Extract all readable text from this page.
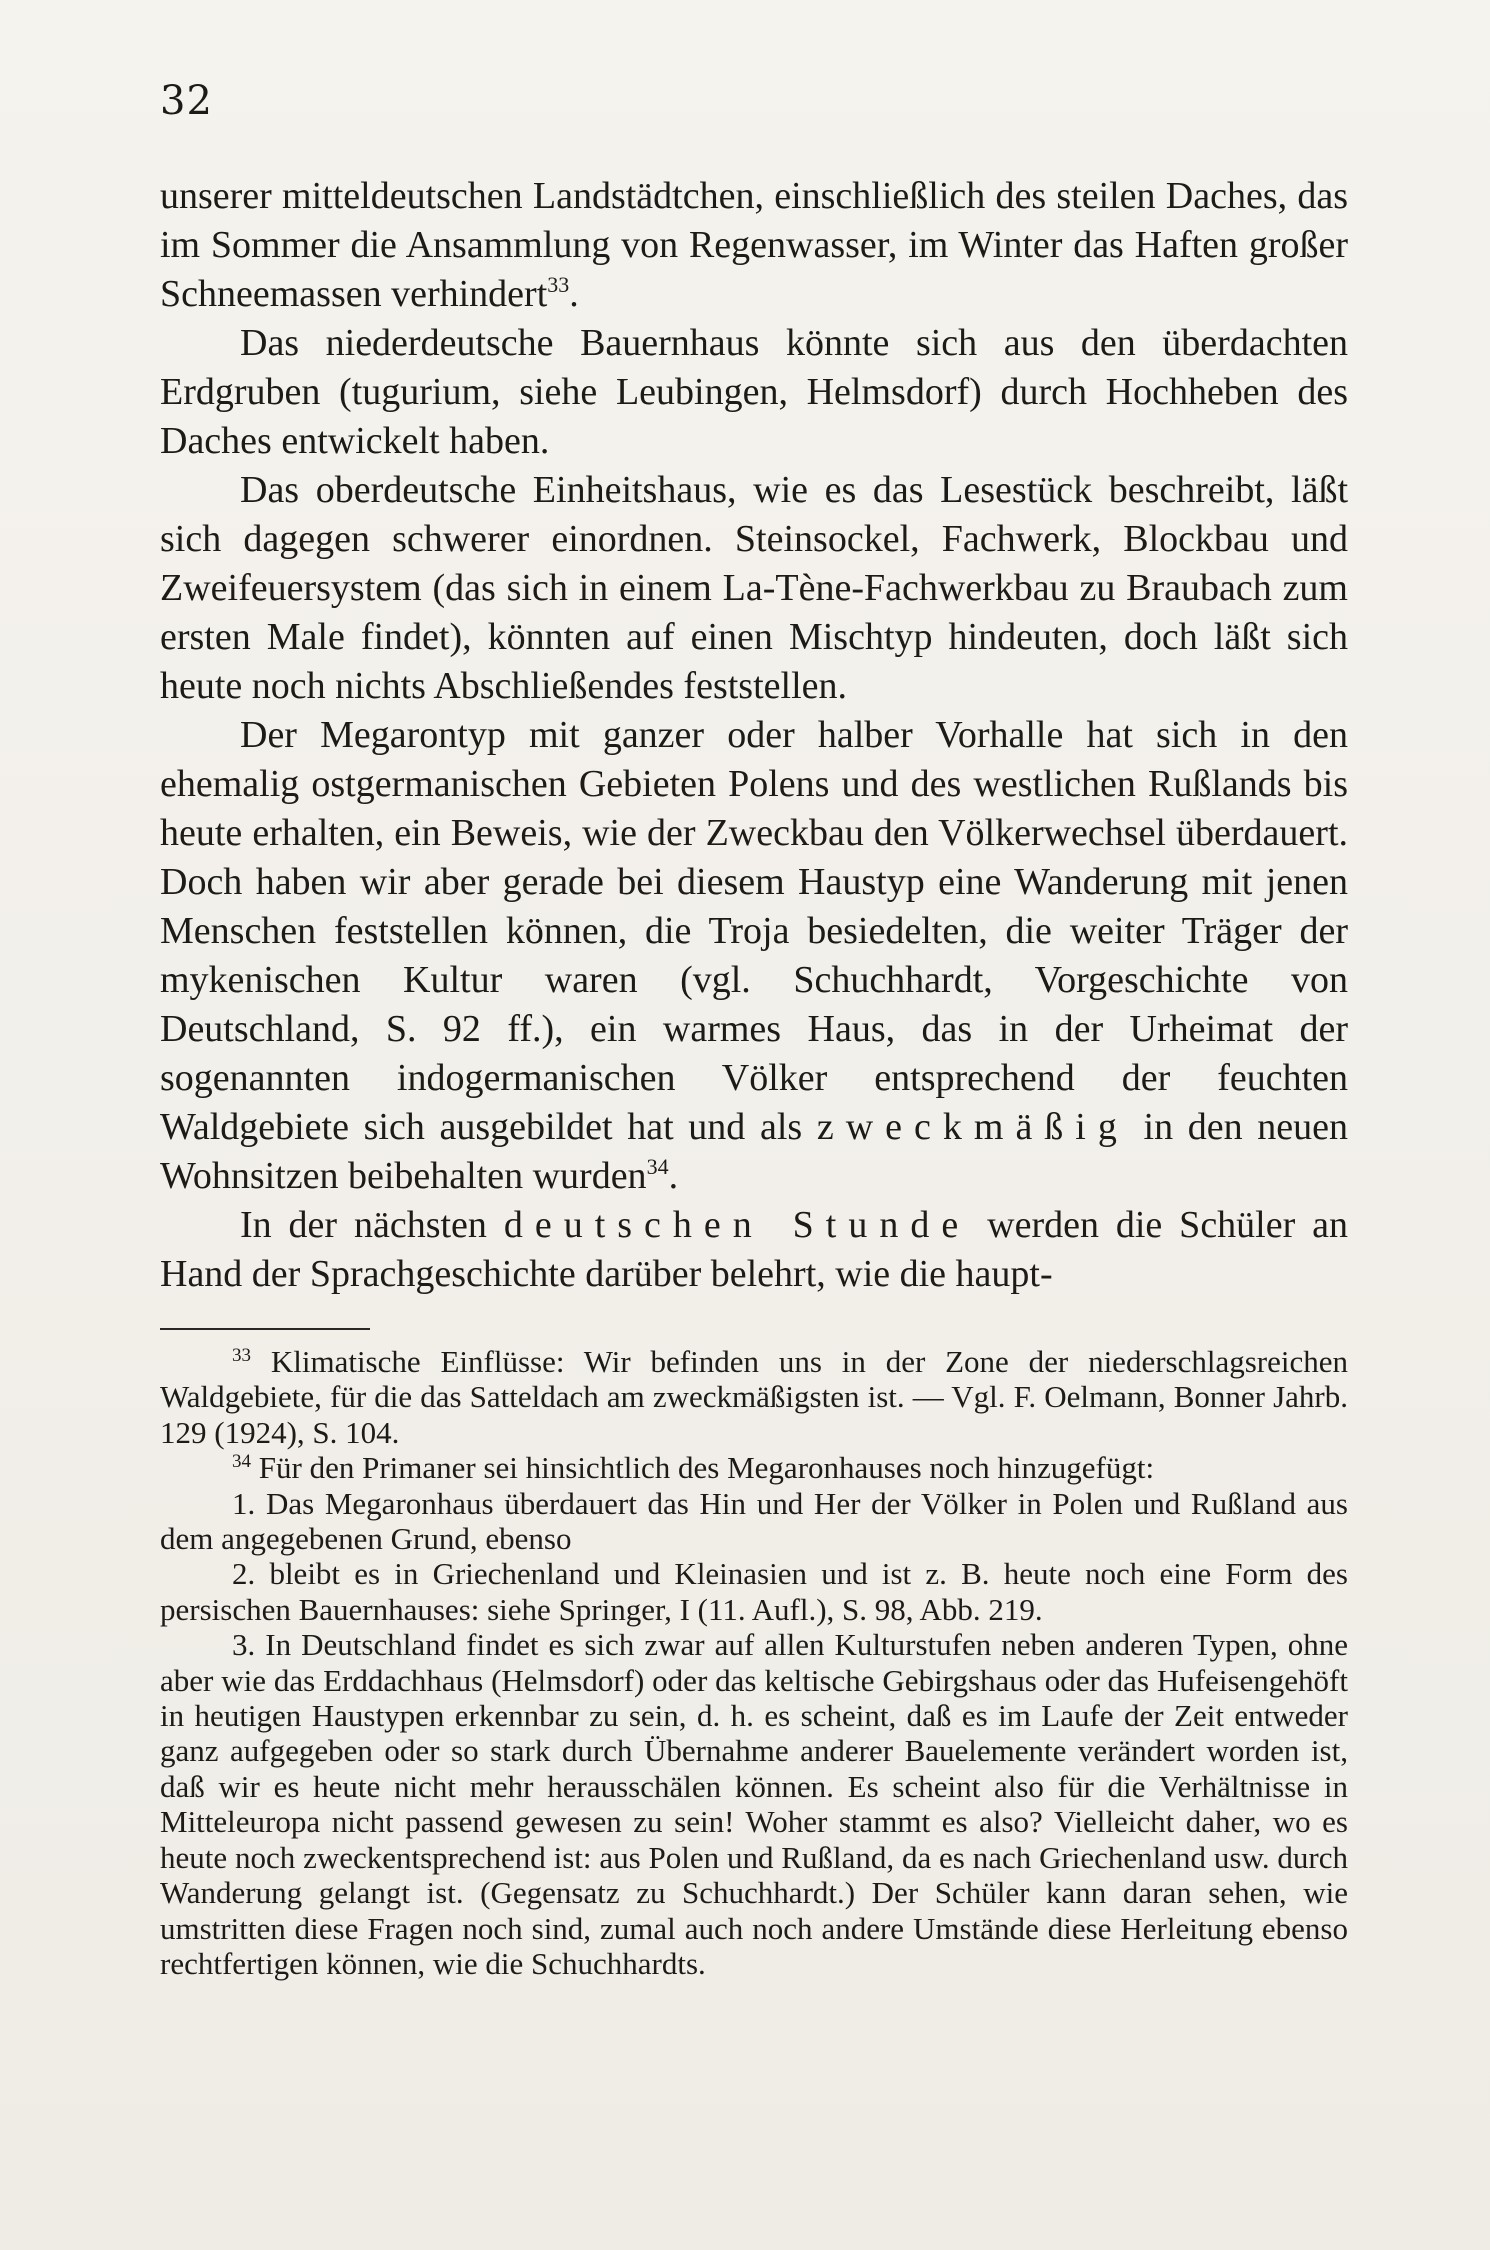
32

unserer mitteldeutschen Landstädtchen, einschließlich des steilen Daches, das im Sommer die Ansammlung von Regenwasser, im Winter das Haften großer Schneemassen verhindert$^{33}$.

Das niederdeutsche Bauernhaus könnte sich aus den überdachten Erdgruben (tugurium, siehe Leubingen, Helmsdorf) durch Hochheben des Daches entwickelt haben.

Das oberdeutsche Einheitshaus, wie es das Lesestück beschreibt, läßt sich dagegen schwerer einordnen. Steinsockel, Fachwerk, Blockbau und Zweifeuersystem (das sich in einem La-Tène-Fachwerkbau zu Braubach zum ersten Male findet), könnten auf einen Mischtyp hindeuten, doch läßt sich heute noch nichts Abschließendes feststellen.

Der Megarontyp mit ganzer oder halber Vorhalle hat sich in den ehemalig ostgermanischen Gebieten Polens und des westlichen Rußlands bis heute erhalten, ein Beweis, wie der Zweckbau den Völkerwechsel überdauert. Doch haben wir aber gerade bei diesem Haustyp eine Wanderung mit jenen Menschen feststellen können, die Troja besiedelten, die weiter Träger der mykenischen Kultur waren (vgl. Schuchhardt, Vorgeschichte von Deutschland, S. 92 ff.), ein warmes Haus, das in der Urheimat der sogenannten indogermanischen Völker entsprechend der feuchten Waldgebiete sich ausgebildet hat und als zweckmäßig in den neuen Wohnsitzen beibehalten wurden$^{34}$.

In der nächsten deutschen Stunde werden die Schüler an Hand der Sprachgeschichte darüber belehrt, wie die haupt-

$^{33}$ Klimatische Einflüsse: Wir befinden uns in der Zone der niederschlagsreichen Waldgebiete, für die das Satteldach am zweckmäßigsten ist. — Vgl. F. Oelmann, Bonner Jahrb. 129 (1924), S. 104.

$^{34}$ Für den Primaner sei hinsichtlich des Megaronhauses noch hinzugefügt:

1. Das Megaronhaus überdauert das Hin und Her der Völker in Polen und Rußland aus dem angegebenen Grund, ebenso

2. bleibt es in Griechenland und Kleinasien und ist z. B. heute noch eine Form des persischen Bauernhauses: siehe Springer, I (11. Aufl.), S. 98, Abb. 219.

3. In Deutschland findet es sich zwar auf allen Kulturstufen neben anderen Typen, ohne aber wie das Erddachhaus (Helmsdorf) oder das keltische Gebirgshaus oder das Hufeisengehöft in heutigen Haustypen erkennbar zu sein, d. h. es scheint, daß es im Laufe der Zeit entweder ganz aufgegeben oder so stark durch Übernahme anderer Bauelemente verändert worden ist, daß wir es heute nicht mehr herausschälen können. Es scheint also für die Verhältnisse in Mitteleuropa nicht passend gewesen zu sein! Woher stammt es also? Vielleicht daher, wo es heute noch zweckentsprechend ist: aus Polen und Rußland, da es nach Griechenland usw. durch Wanderung gelangt ist. (Gegensatz zu Schuchhardt.) Der Schüler kann daran sehen, wie umstritten diese Fragen noch sind, zumal auch noch andere Umstände diese Herleitung ebenso rechtfertigen können, wie die Schuchhardts.
